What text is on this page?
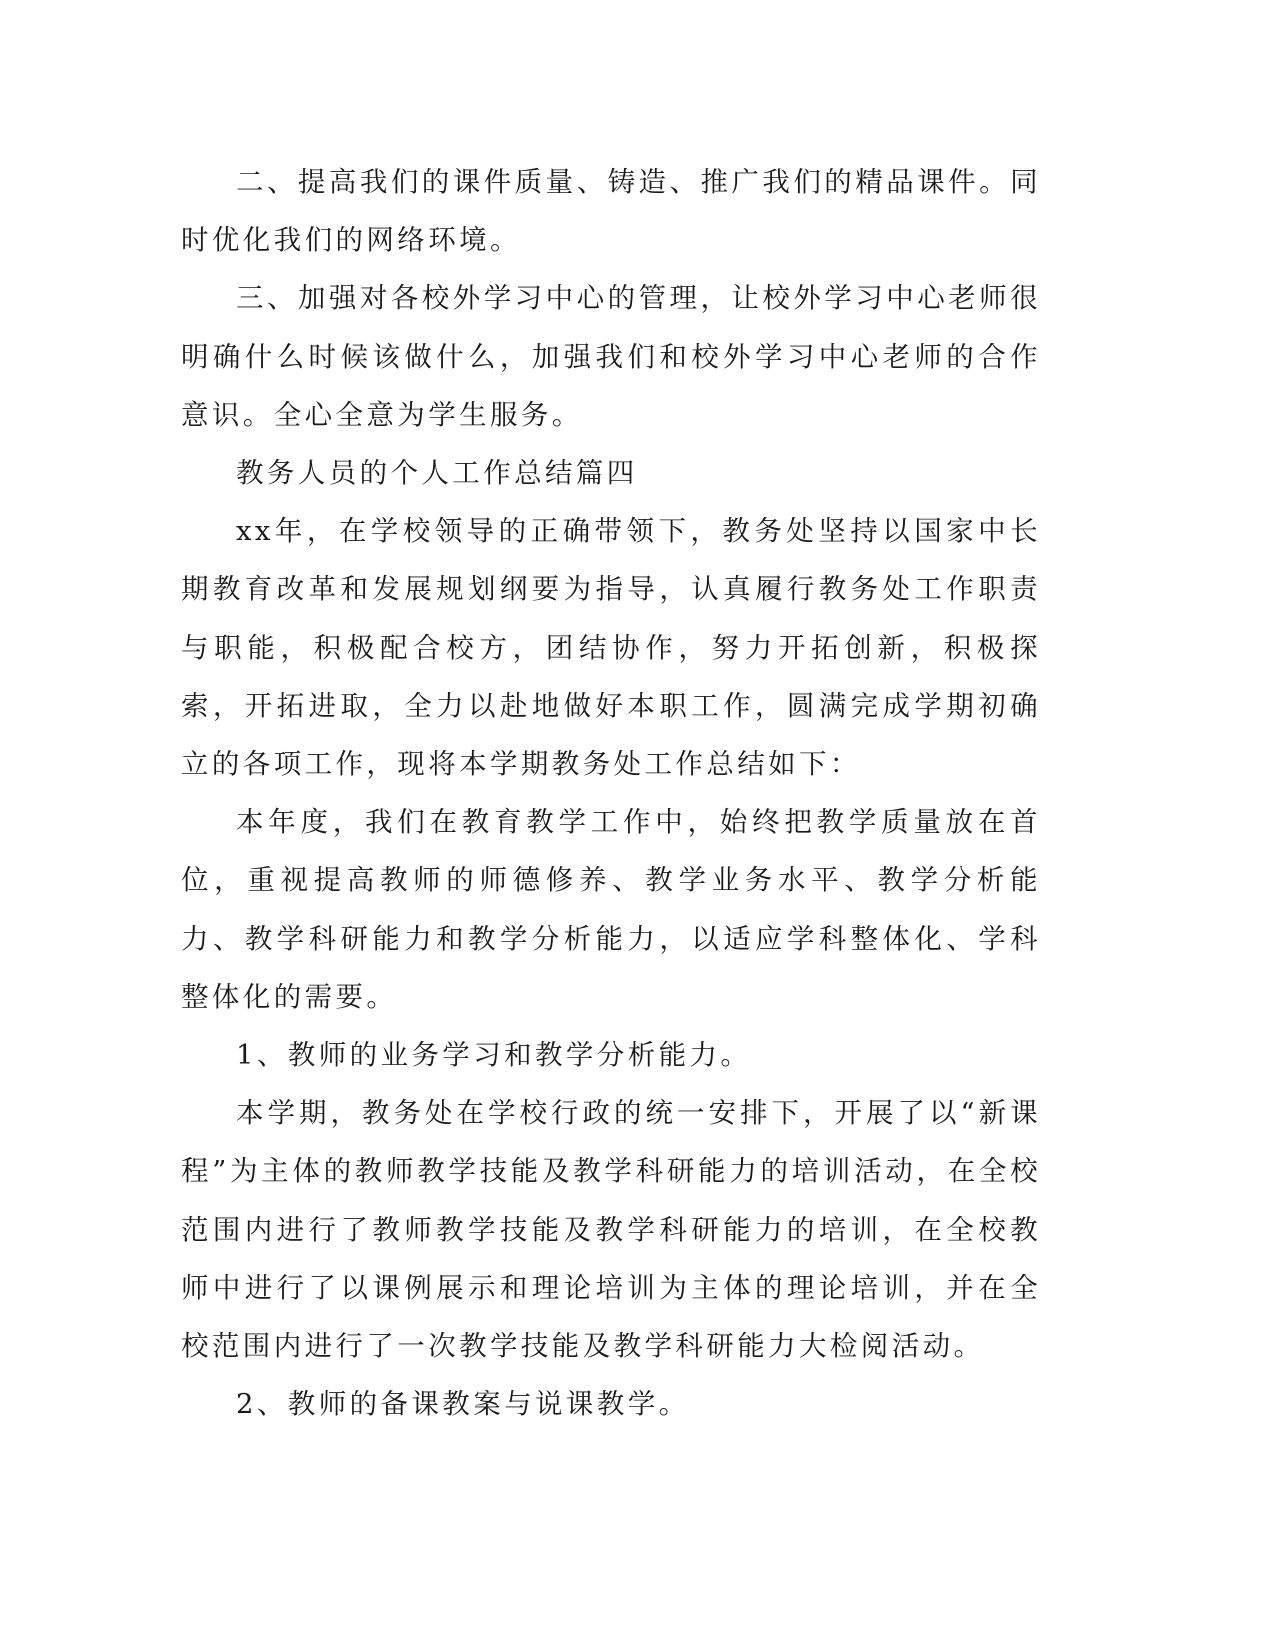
二、提高我们的课件质量、铸造、推广我们的精品课件。同时优化我们的网络环境。

三、加强对各校外学习中心的管理，让校外学习中心老师很明确什么时候该做什么，加强我们和校外学习中心老师的合作意识。全心全意为学生服务。

教务人员的个人工作总结篇四

xx年，在学校领导的正确带领下，教务处坚持以国家中长期教育改革和发展规划纲要为指导，认真履行教务处工作职责与职能，积极配合校方，团结协作，努力开拓创新，积极探索，开拓进取，全力以赴地做好本职工作，圆满完成学期初确立的各项工作，现将本学期教务处工作总结如下：

本年度，我们在教育教学工作中，始终把教学质量放在首位，重视提高教师的师德修养、教学业务水平、教学分析能力、教学科研能力和教学分析能力，以适应学科整体化、学科整体化的需要。

1、教师的业务学习和教学分析能力。

本学期，教务处在学校行政的统一安排下，开展了以“新课程”为主体的教师教学技能及教学科研能力的培训活动，在全校范围内进行了教师教学技能及教学科研能力的培训，在全校教师中进行了以课例展示和理论培训为主体的理论培训，并在全校范围内进行了一次教学技能及教学科研能力大检阅活动。

2、教师的备课教案与说课教学。
